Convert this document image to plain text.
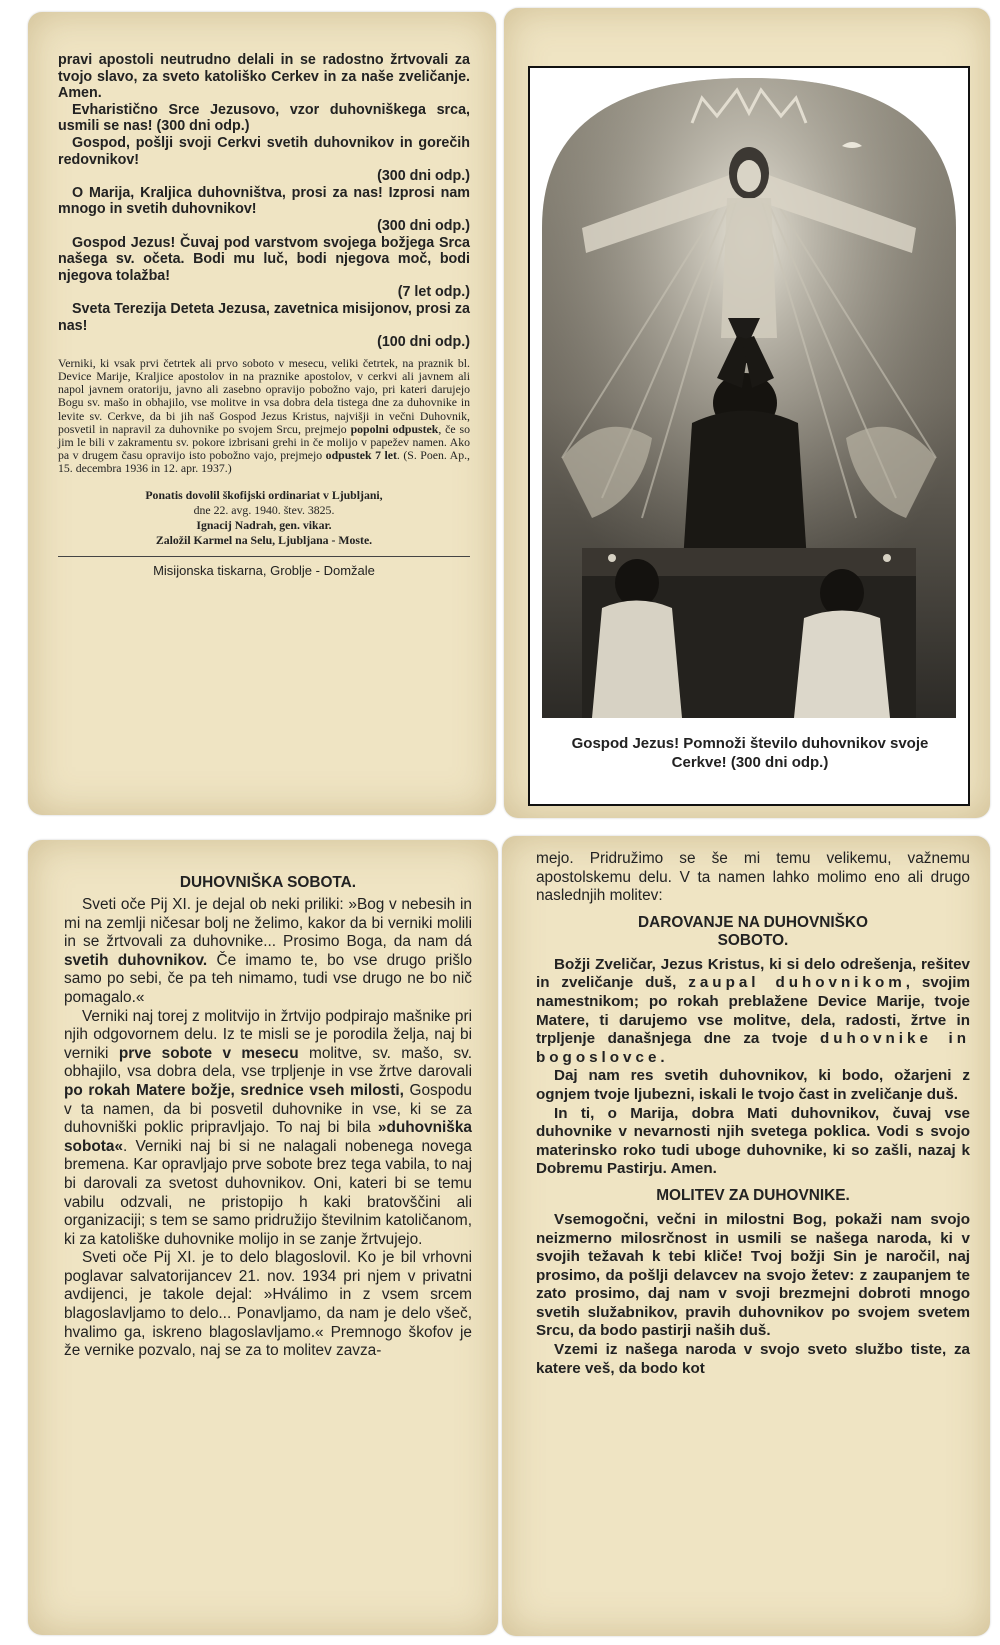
pravi apostoli neutrudno delali in se radostno žrtvovali za tvojo slavo, za sveto katoliško Cerkev in za naše zveličanje. Amen.
Evharistično Srce Jezusovo, vzor duhovniškega srca, usmili se nas! (300 dni odp.)
Gospod, pošlji svoji Cerkvi svetih duhovnikov in gorečih redovnikov!
(300 dni odp.)
O Marija, Kraljica duhovništva, prosi za nas! Izprosi nam mnogo in svetih duhovnikov!
(300 dni odp.)
Gospod Jezus! Čuvaj pod varstvom svojega božjega Srca našega sv. očeta. Bodi mu luč, bodi njegova moč, bodi njegova tolažba!
(7 let odp.)
Sveta Terezija Deteta Jezusa, zavetnica misijonov, prosi za nas!
(100 dni odp.)

Verniki, ki vsak prvi četrtek ali prvo soboto v mesecu, veliki četrtek, na praznik bl. Device Marije, Kraljice apostolov in na praznike apostolov, v cerkvi ali javnem ali napol javnem oratoriju, javno ali zasebno opravijo pobožno vajo, pri kateri darujejo Bogu sv. mašo in obhajilo, vse molitve in vsa dobra dela tistega dne za duhovnike in levite sv. Cerkve, da bi jih naš Gospod Jezus Kristus, najvišji in večni Duhovnik, posvetil in napravil za duhovnike po svojem Srcu, prejmejo popolni odpustek, če so jim le bili v zakramentu sv. pokore izbrisani grehi in če molijo v papežev namen. Ako pa v drugem času opravijo isto pobožno vajo, prejmejo odpustek 7 let. (S. Poen. Ap., 15. decembra 1936 in 12. apr. 1937.)

Ponatis dovolil škofijski ordinariat v Ljubljani,
dne 22. avg. 1940. štev. 3825.
Ignacij Nadrah, gen. vikar.
Založil Karmel na Selu, Ljubljana - Moste.
Misijonska tiskarna, Groblje - Domžale
Gospod Jezus! Pomnoži število duhovnikov svoje Cerkve! (300 dni odp.)
DUHOVNIŠKA SOBOTA.

Sveti oče Pij XI. je dejal ob neki priliki: »Bog v nebesih in mi na zemlji ničesar bolj ne želimo, kakor da bi verniki molili in se žrtvovali za duhovnike... Prosimo Boga, da nam dá svetih duhovnikov. Če imamo te, bo vse drugo prišlo samo po sebi, če pa teh nimamo, tudi vse drugo ne bo nič pomagalo.«

Verniki naj torej z molitvijo in žrtvijo podpirajo mašnike pri njih odgovornem delu. Iz te misli se je porodila želja, naj bi verniki prve sobote v mesecu molitve, sv. mašo, sv. obhajilo, vsa dobra dela, vse trpljenje in vse žrtve darovali po rokah Matere božje, srednice vseh milosti, Gospodu v ta namen, da bi posvetil duhovnike in vse, ki se za duhovniški poklic pripravljajo. To naj bi bila »duhovniška sobota«. Verniki naj bi si ne nalagali nobenega novega bremena. Kar opravljajo prve sobote brez tega vabila, to naj bi darovali za svetost duhovnikov. Oni, kateri bi se temu vabilu odzvali, ne pristopijo h kaki bratovščini ali organizaciji; s tem se samo pridružijo številnim katoličanom, ki za katoliške duhovnike molijo in se zanje žrtvujejo.

Sveti oče Pij XI. je to delo blagoslovil. Ko je bil vrhovni poglavar salvatorijancev 21. nov. 1934 pri njem v privatni avdijenci, je takole dejal: »Hválimo in z vsem srcem blagoslavljamo to delo... Ponavljamo, da nam je delo všeč, hvalimo ga, iskreno blagoslavljamo.« Premnogo škofov je že vernike pozvalo, naj se za to molitev zavza-

mejo. Pridružimo se še mi temu velikemu, važnemu apostolskemu delu. V ta namen lahko molimo eno ali drugo naslednjih molitev:

DAROVANJE NA DUHOVNIŠKO
SOBOTO.

Božji Zveličar, Jezus Kristus, ki si delo odrešenja, rešitev in zveličanje duš, zaupal duhovnikom, svojim namestnikom; po rokah preblažene Device Marije, tvoje Matere, ti darujemo vse molitve, dela, radosti, žrtve in trpljenje današnjega dne za tvoje duhovnike in bogoslovce.

Daj nam res svetih duhovnikov, ki bodo, ožarjeni z ognjem tvoje ljubezni, iskali le tvojo čast in zveličanje duš.

In ti, o Marija, dobra Mati duhovnikov, čuvaj vse duhovnike v nevarnosti njih svetega poklica. Vodi s svojo materinsko roko tudi uboge duhovnike, ki so zašli, nazaj k Dobremu Pastirju. Amen.

MOLITEV ZA DUHOVNIKE.

Vsemogočni, večni in milostni Bog, pokaži nam svojo neizmerno milosrčnost in usmili se našega naroda, ki v svojih težavah k tebi kliče! Tvoj božji Sin je naročil, naj prosimo, da pošlji delavcev na svojo žetev: z zaupanjem te zato prosimo, daj nam v svoji brezmejni dobroti mnogo svetih služabnikov, pravih duhovnikov po svojem svetem Srcu, da bodo pastirji naših duš.

Vzemi iz našega naroda v svojo sveto službo tiste, za katere veš, da bodo kot
